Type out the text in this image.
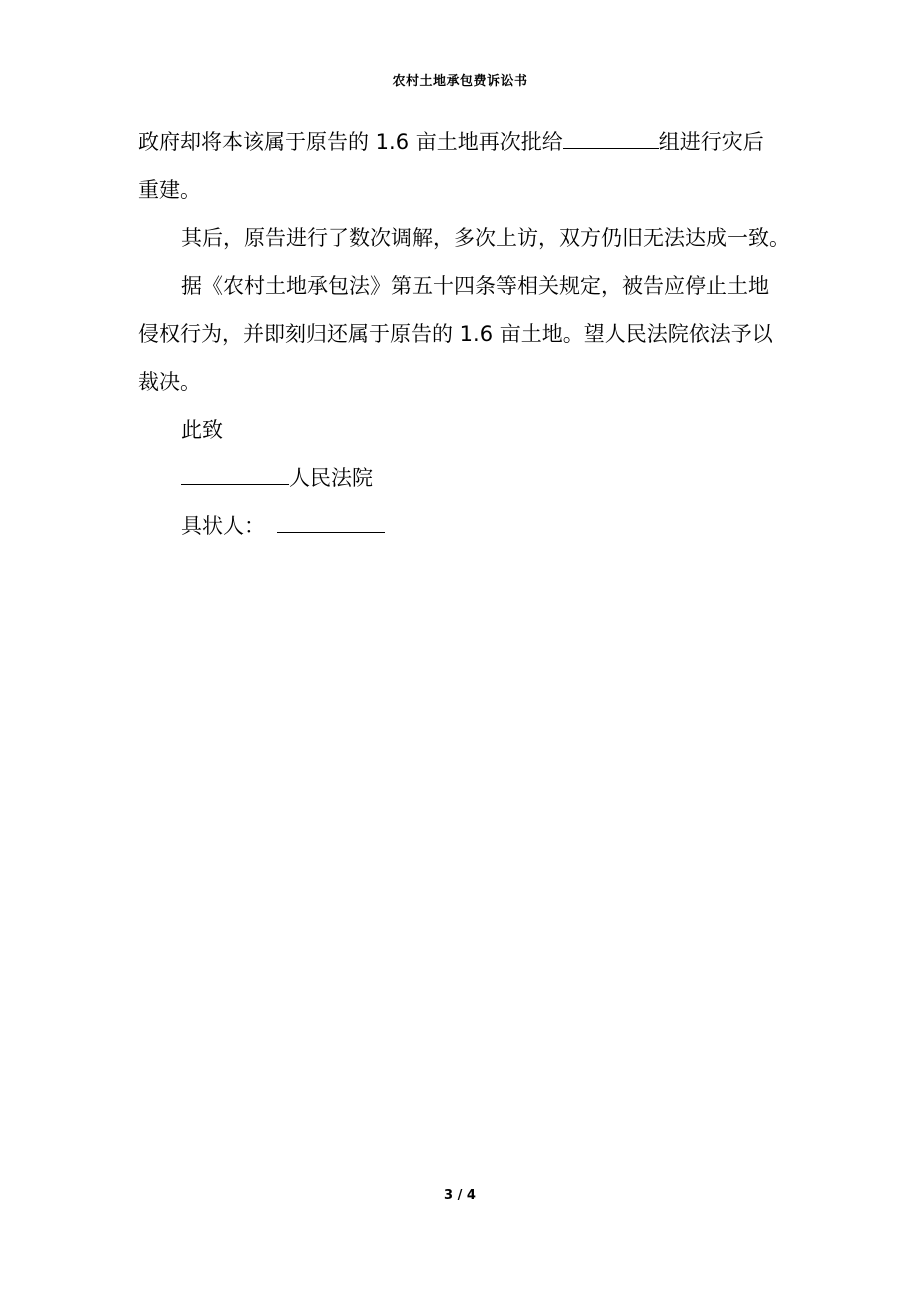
农村土地承包费诉讼书

政府却将本该属于原告的 1.6 亩土地再次批给	组进行灾后
重建。

其后，原告进行了数次调解，多次上访，双方仍旧无法达成一致。

据《农村土地承包法》第五十四条等相关规定，被告应停止土地

侵权行为，并即刻归还属于原告的 1.6 亩土地。望人民法院依法予以
裁决。

此致

人民法院

具状人：

3 / 4
